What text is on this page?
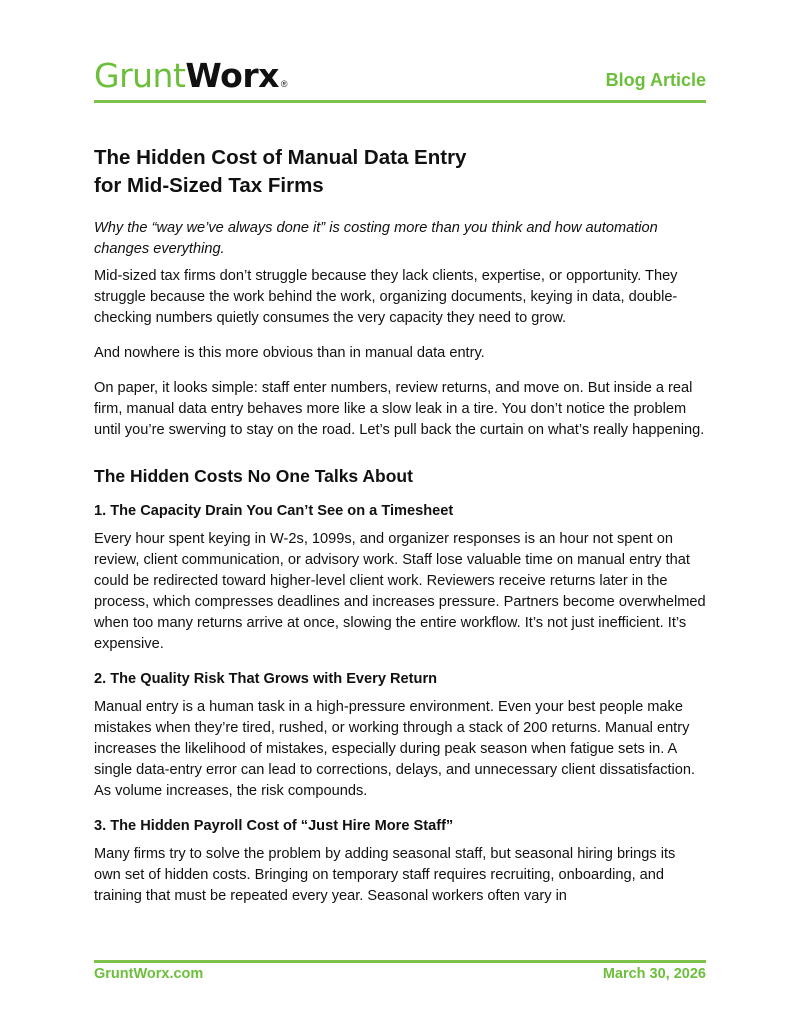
GruntWorx ®	Blog Article
The Hidden Cost of Manual Data Entry
for Mid-Sized Tax Firms

Why the “way we’ve always done it” is costing more than you think and how automation changes everything.

Mid-sized tax firms don’t struggle because they lack clients, expertise, or opportunity. They struggle because the work behind the work, organizing documents, keying in data, double-checking numbers quietly consumes the very capacity they need to grow.

And nowhere is this more obvious than in manual data entry.

On paper, it looks simple: staff enter numbers, review returns, and move on. But inside a real firm, manual data entry behaves more like a slow leak in a tire. You don’t notice the problem until you’re swerving to stay on the road. Let’s pull back the curtain on what’s really happening.

The Hidden Costs No One Talks About
1. The Capacity Drain You Can’t See on a Timesheet

Every hour spent keying in W-2s, 1099s, and organizer responses is an hour not spent on review, client communication, or advisory work. Staff lose valuable time on manual entry that could be redirected toward higher-level client work. Reviewers receive returns later in the process, which compresses deadlines and increases pressure. Partners become overwhelmed when too many returns arrive at once, slowing the entire workflow. It’s not just inefficient. It’s expensive.

2. The Quality Risk That Grows with Every Return

Manual entry is a human task in a high-pressure environment. Even your best people make mistakes when they’re tired, rushed, or working through a stack of 200 returns. Manual entry increases the likelihood of mistakes, especially during peak season when fatigue sets in. A single data-entry error can lead to corrections, delays, and unnecessary client dissatisfaction. As volume increases, the risk compounds.

3. The Hidden Payroll Cost of “Just Hire More Staff”

Many firms try to solve the problem by adding seasonal staff, but seasonal hiring brings its own set of hidden costs. Bringing on temporary staff requires recruiting, onboarding, and training that must be repeated every year. Seasonal workers often vary in

GruntWorx.com	March 30, 2026
